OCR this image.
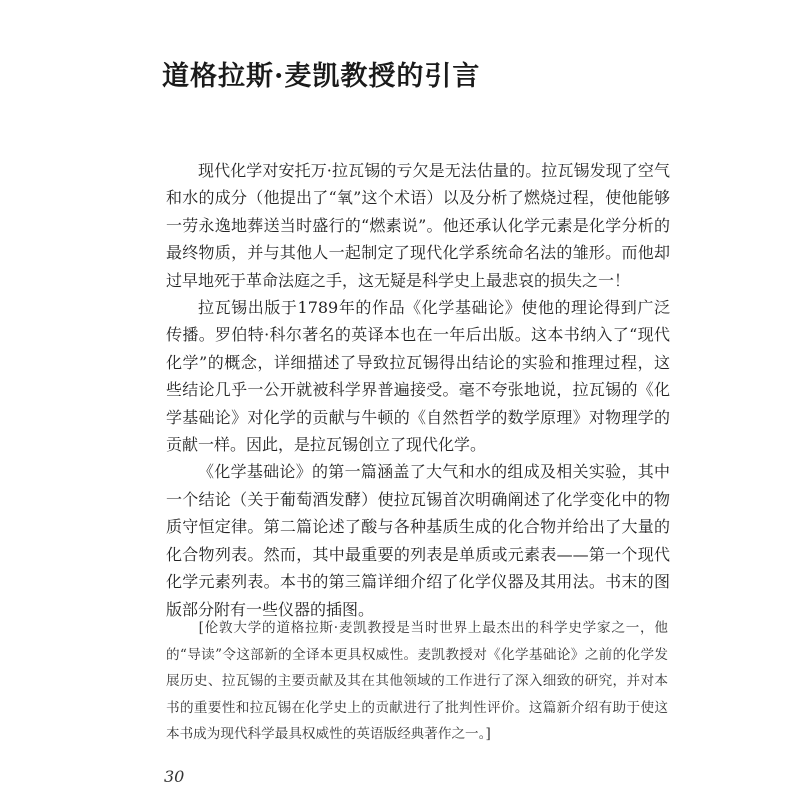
道格拉斯·麦凯教授的引言

现代化学对安托万·拉瓦锡的亏欠是无法估量的。拉瓦锡发现了空气和水的成分（他提出了“氧”这个术语）以及分析了燃烧过程，使他能够一劳永逸地葬送当时盛行的“燃素说”。他还承认化学元素是化学分析的最终物质，并与其他人一起制定了现代化学系统命名法的雏形。而他却过早地死于革命法庭之手，这无疑是科学史上最悲哀的损失之一！

拉瓦锡出版于1789年的作品《化学基础论》使他的理论得到广泛传播。罗伯特·科尔著名的英译本也在一年后出版。这本书纳入了“现代化学”的概念，详细描述了导致拉瓦锡得出结论的实验和推理过程，这些结论几乎一公开就被科学界普遍接受。毫不夸张地说，拉瓦锡的《化学基础论》对化学的贡献与牛顿的《自然哲学的数学原理》对物理学的贡献一样。因此，是拉瓦锡创立了现代化学。

《化学基础论》的第一篇涵盖了大气和水的组成及相关实验，其中一个结论（关于葡萄酒发酵）使拉瓦锡首次明确阐述了化学变化中的物质守恒定律。第二篇论述了酸与各种基质生成的化合物并给出了大量的化合物列表。然而，其中最重要的列表是单质或元素表——第一个现代化学元素列表。本书的第三篇详细介绍了化学仪器及其用法。书末的图版部分附有一些仪器的插图。

[伦敦大学的道格拉斯·麦凯教授是当时世界上最杰出的科学史学家之一，他的“导读”令这部新的全译本更具权威性。麦凯教授对《化学基础论》之前的化学发展历史、拉瓦锡的主要贡献及其在其他领域的工作进行了深入细致的研究，并对本书的重要性和拉瓦锡在化学史上的贡献进行了批判性评价。这篇新介绍有助于使这本书成为现代科学最具权威性的英语版经典著作之一。]

30
